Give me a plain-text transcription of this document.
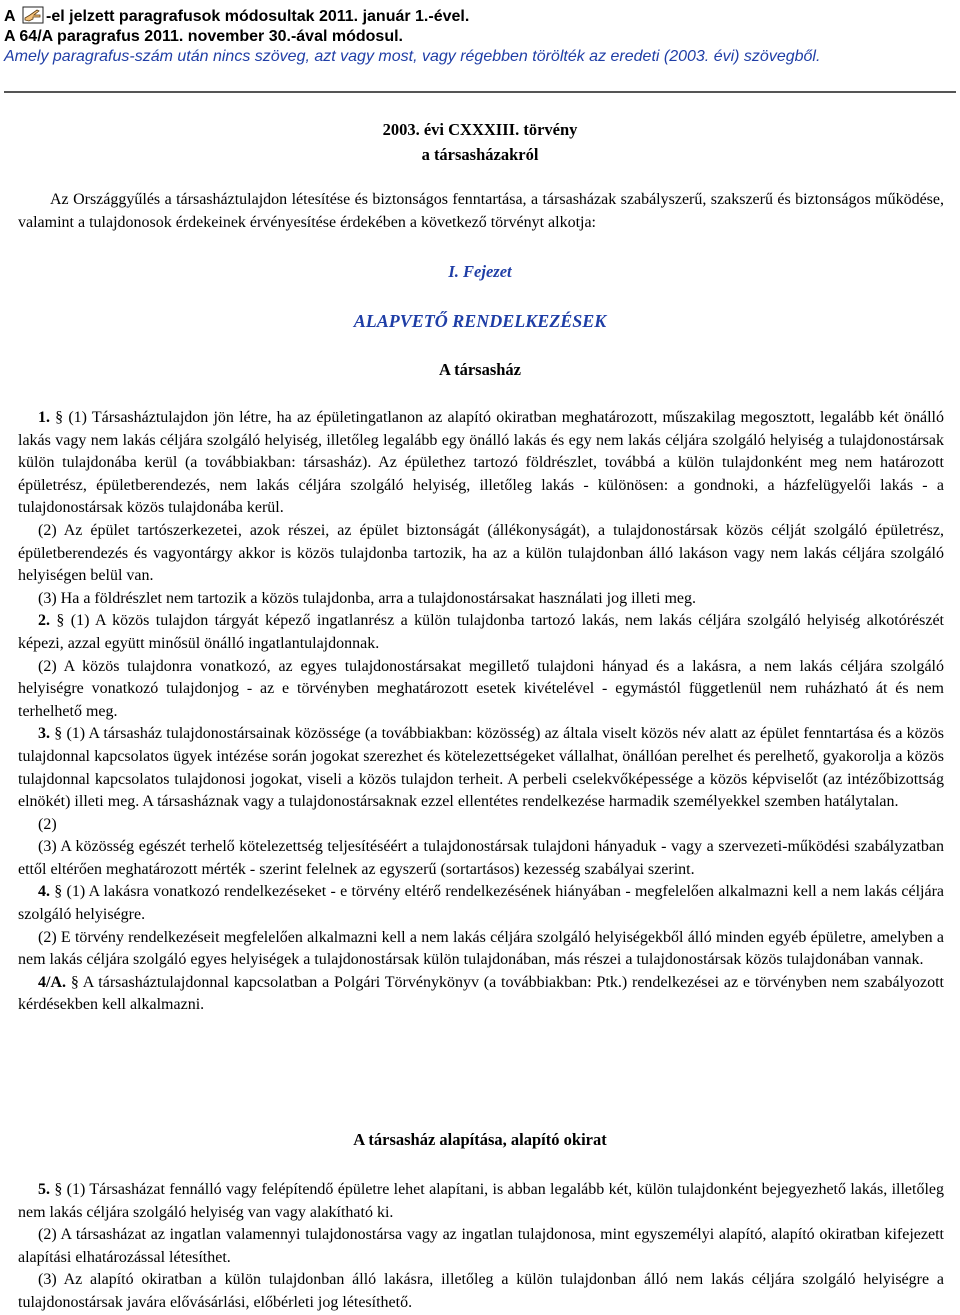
A -el jelzett paragrafusok módosultak 2011. január 1.-ével.
A 64/A paragrafus 2011. november 30.-ával módosul.
Amely paragrafus-szám után nincs szöveg, azt vagy most, vagy régebben törölték az eredeti (2003. évi) szövegből.
2003. évi CXXXIII. törvény
a társasházakról
Az Országgyűlés a társasháztulajdon létesítése és biztonságos fenntartása, a társasházak szabályszerű, szakszerű és biztonságos működése, valamint a tulajdonosok érdekeinek érvényesítése érdekében a következő törvényt alkotja:
I. Fejezet
ALAPVETŐ RENDELKEZÉSEK
A társasház

1. § (1) Társasháztulajdon jön létre, ha az épületingatlanon az alapító okiratban meghatározott, műszakilag megosztott, legalább két önálló lakás vagy nem lakás céljára szolgáló helyiség, illetőleg legalább egy önálló lakás és egy nem lakás céljára szolgáló helyiség a tulajdonostársak külön tulajdonába kerül (a továbbiakban: társasház). Az épülethez tartozó földrészlet, továbbá a külön tulajdonként meg nem határozott épületrész, épületberendezés, nem lakás céljára szolgáló helyiség, illetőleg lakás - különösen: a gondnoki, a házfelügyelői lakás - a tulajdonostársak közös tulajdonába kerül.

(2) Az épület tartószerkezetei, azok részei, az épület biztonságát (állékonyságát), a tulajdonostársak közös célját szolgáló épületrész, épületberendezés és vagyontárgy akkor is közös tulajdonba tartozik, ha az a külön tulajdonban álló lakáson vagy nem lakás céljára szolgáló helyiségen belül van.

(3) Ha a földrészlet nem tartozik a közös tulajdonba, arra a tulajdonostársakat használati jog illeti meg.

2. § (1) A közös tulajdon tárgyát képező ingatlanrész a külön tulajdonba tartozó lakás, nem lakás céljára szolgáló helyiség alkotórészét képezi, azzal együtt minősül önálló ingatlantulajdonnak.

(2) A közös tulajdonra vonatkozó, az egyes tulajdonostársakat megillető tulajdoni hányad és a lakásra, a nem lakás céljára szolgáló helyiségre vonatkozó tulajdonjog - az e törvényben meghatározott esetek kivételével - egymástól függetlenül nem ruházható át és nem terhelhető meg.

3. § (1) A társasház tulajdonostársainak közössége (a továbbiakban: közösség) az általa viselt közös név alatt az épület fenntartása és a közös tulajdonnal kapcsolatos ügyek intézése során jogokat szerezhet és kötelezettségeket vállalhat, önállóan perelhet és perelhető, gyakorolja a közös tulajdonnal kapcsolatos tulajdonosi jogokat, viseli a közös tulajdon terheit. A perbeli cselekvőképessége a közös képviselőt (az intézőbizottság elnökét) illeti meg. A társasháznak vagy a tulajdonostársaknak ezzel ellentétes rendelkezése harmadik személyekkel szemben hatálytalan.

(2)

(3) A közösség egészét terhelő kötelezettség teljesítéséért a tulajdonostársak tulajdoni hányaduk - vagy a szervezeti-működési szabályzatban ettől eltérően meghatározott mérték - szerint felelnek az egyszerű (sortartásos) kezesség szabályai szerint.

4. § (1) A lakásra vonatkozó rendelkezéseket - e törvény eltérő rendelkezésének hiányában - megfelelően alkalmazni kell a nem lakás céljára szolgáló helyiségre.

(2) E törvény rendelkezéseit megfelelően alkalmazni kell a nem lakás céljára szolgáló helyiségekből álló minden egyéb épületre, amelyben a nem lakás céljára szolgáló egyes helyiségek a tulajdonostársak külön tulajdonában, más részei a tulajdonostársak közös tulajdonában vannak.

4/A. § A társasháztulajdonnal kapcsolatban a Polgári Törvénykönyv (a továbbiakban: Ptk.) rendelkezései az e törvényben nem szabályozott kérdésekben kell alkalmazni.

A társasház alapítása, alapító okirat

5. § (1) Társasházat fennálló vagy felépítendő épületre lehet alapítani, is abban legalább két, külön tulajdonként bejegyezhető lakás, illetőleg nem lakás céljára szolgáló helyiség van vagy alakítható ki.

(2) A társasházat az ingatlan valamennyi tulajdonostársa vagy az ingatlan tulajdonosa, mint egyszemélyi alapító, alapító okiratban kifejezett alapítási elhatározással létesíthet.

(3) Az alapító okiratban a külön tulajdonban álló lakásra, illetőleg a külön tulajdonban álló nem lakás céljára szolgáló helyiségre a tulajdonostársak javára elővásárlási, előbérleti jog létesíthető.
